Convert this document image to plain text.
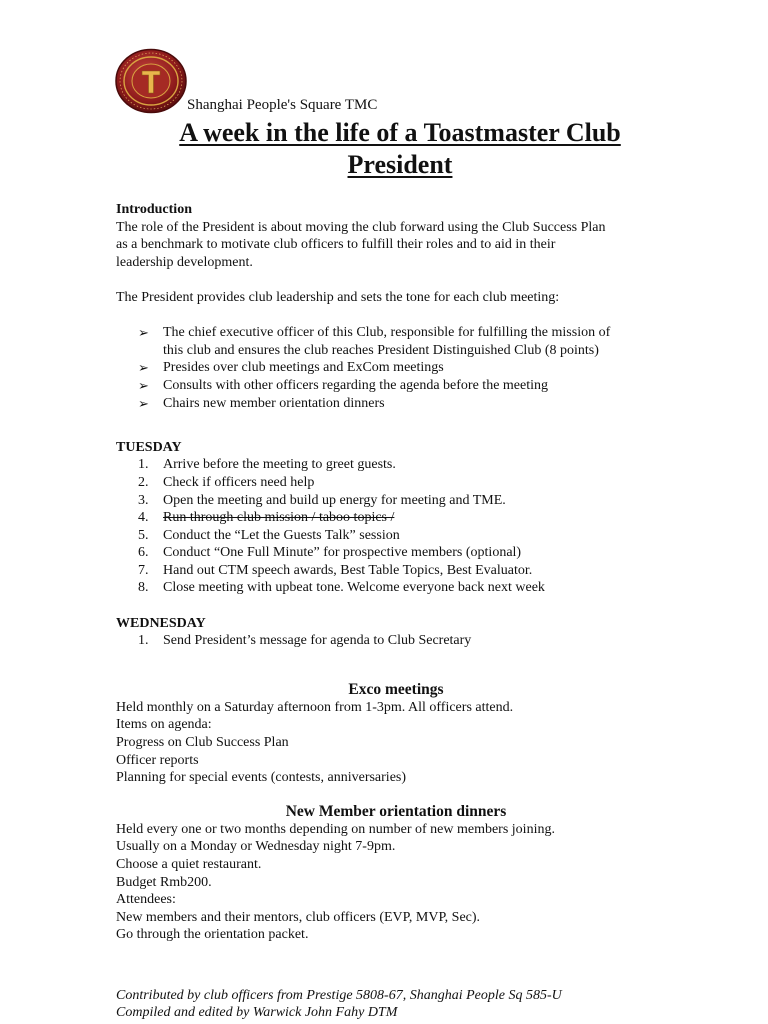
Shanghai People's Square TMC
A week in the life of a Toastmaster Club
President

Introduction

The role of the President is about moving the club forward using the Club Success Plan

as a benchmark to motivate club officers to fulfill their roles and to aid in their

leadership development.

The President provides club leadership and sets the tone for each club meeting:

➢ The chief executive officer of this Club, responsible for fulfilling the mission of
this club and ensures the club reaches President Distinguished Club (8 points)
➢ Presides over club meetings and ExCom meetings
➢ Consults with other officers regarding the agenda before the meeting
➢ Chairs new member orientation dinners

TUESDAY

1. Arrive before the meeting to greet guests.
2. Check if officers need help
3. Open the meeting and build up energy for meeting and TME.
4. Run through club mission / taboo topics /
5. Conduct the “Let the Guests Talk” session
6. Conduct “One Full Minute” for prospective members (optional)
7. Hand out CTM speech awards, Best Table Topics, Best Evaluator.
8. Close meeting with upbeat tone. Welcome everyone back next week

WEDNESDAY

1. Send President’s message for agenda to Club Secretary

Exco meetings

Held monthly on a Saturday afternoon from 1-3pm. All officers attend.

Items on agenda:

Progress on Club Success Plan

Officer reports

Planning for special events (contests, anniversaries)

New Member orientation dinners

Held every one or two months depending on number of new members joining.

Usually on a Monday or Wednesday night 7-9pm.

Choose a quiet restaurant.

Budget Rmb200.

Attendees:

New members and their mentors, club officers (EVP, MVP, Sec).

Go through the orientation packet.

Contributed by club officers from Prestige 5808-67, Shanghai People Sq 585-U
Compiled and edited by Warwick John Fahy DTM
